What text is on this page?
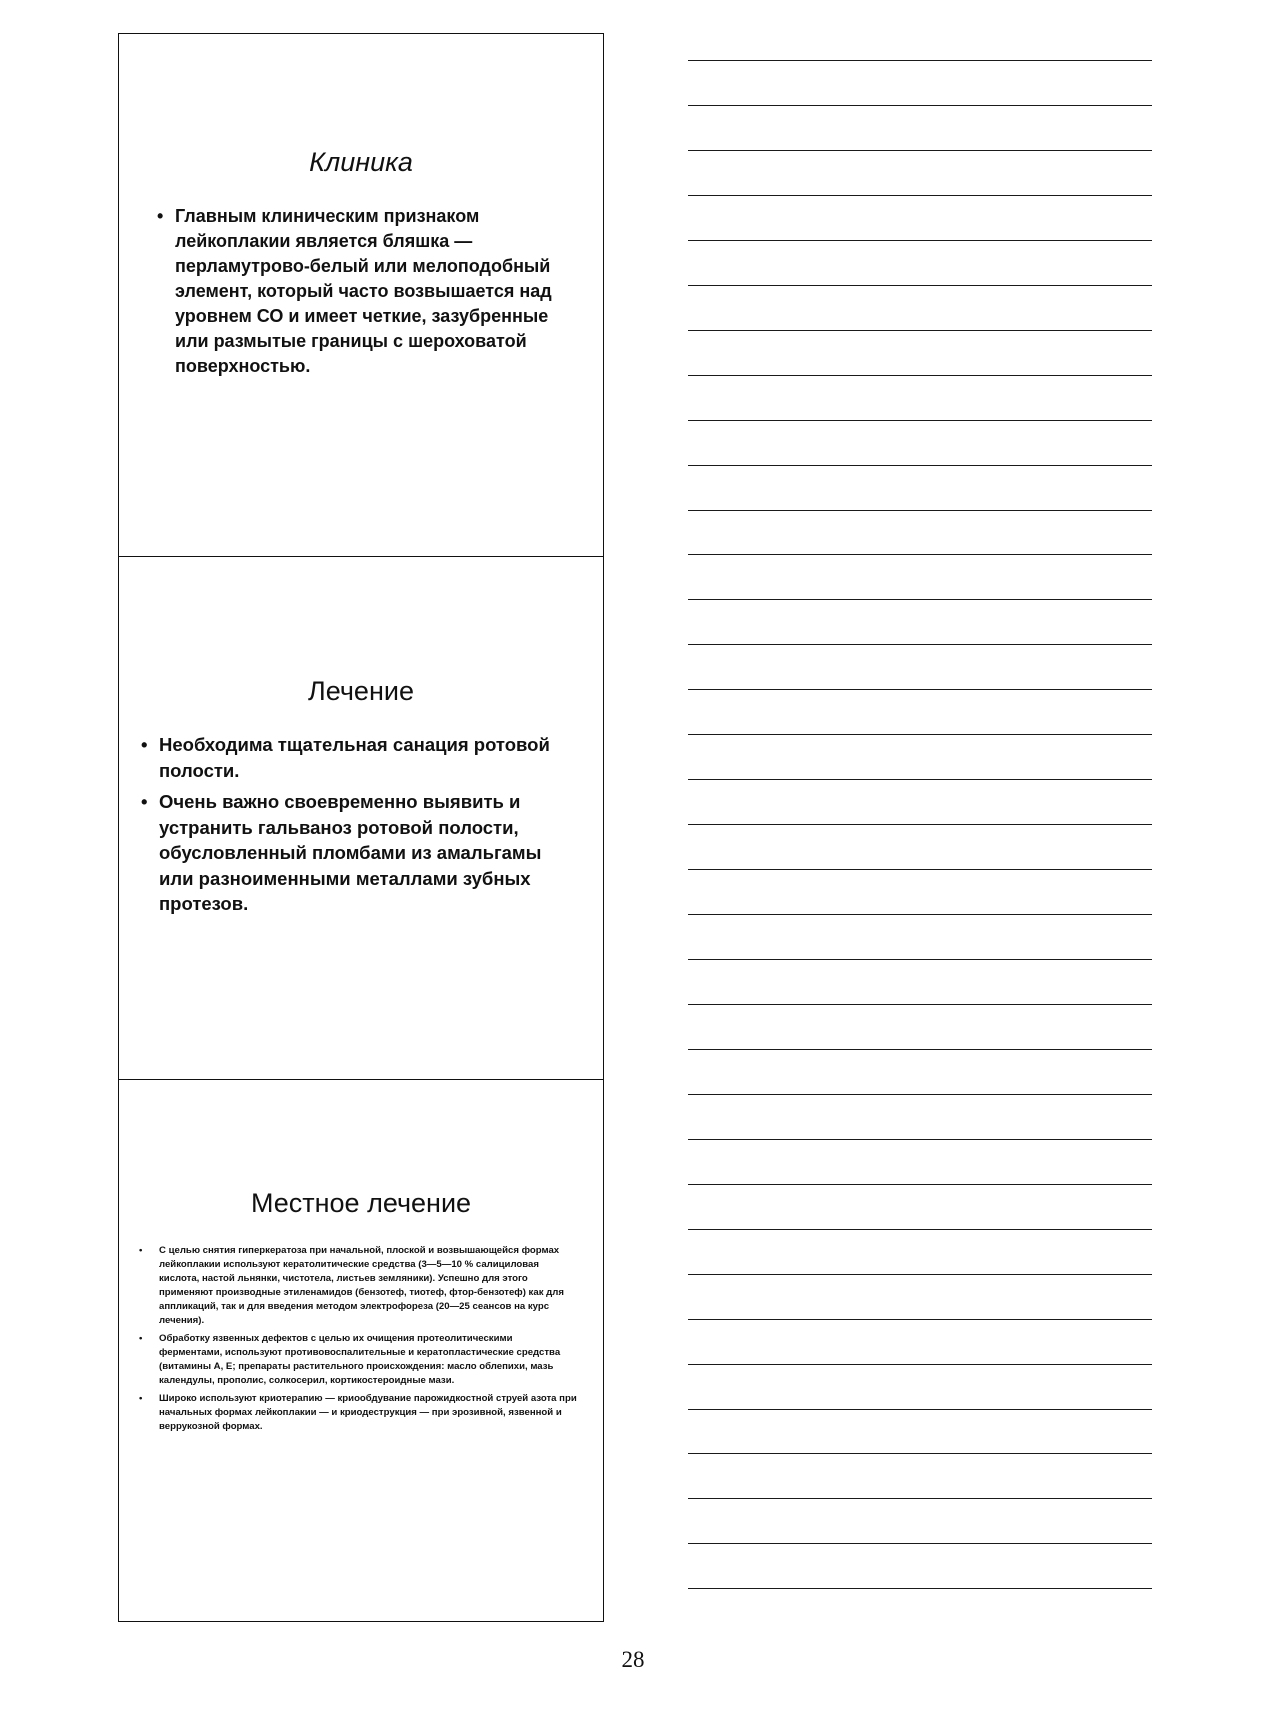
Клиника
• Главным клиническим признаком лейкоплакии является бляшка — перламутрово-белый или мелоподобный элемент, который часто возвышается над уровнем СО и имеет четкие, зазубренные или размытые границы с шероховатой поверхностью.
Лечение
• Необходима тщательная санация ротовой полости.
• Очень важно своевременно выявить и устранить гальваноз ротовой полости, обусловленный пломбами из амальгамы или разноименными металлами зубных протезов.
Местное лечение
• С целью снятия гиперкератоза при начальной, плоской и возвышающейся формах лейкоплакии используют кератолитические средства (3—5—10 % салициловая кислота, настой льнянки, чистотела, листьев земляники). Успешно для этого применяют производные этиленамидов (бензотеф, тиотеф, фтор-бензотеф) как для аппликаций, так и для введения методом электрофореза (20—25 сеансов на курс лечения).
• Обработку язвенных дефектов с целью их очищения протеолитическими ферментами, используют противовоспалительные и кератопластические средства (витамины А, Е; препараты растительного происхождения: масло облепихи, мазь календулы, прополис, солкосерил, кортикостероидные мази.
• Широко используют криотерапию — криообдувание парожидкостной струей азота при начальных формах лейкоплакии — и криодеструкция — при эрозивной, язвенной и веррукозной формах.
28
